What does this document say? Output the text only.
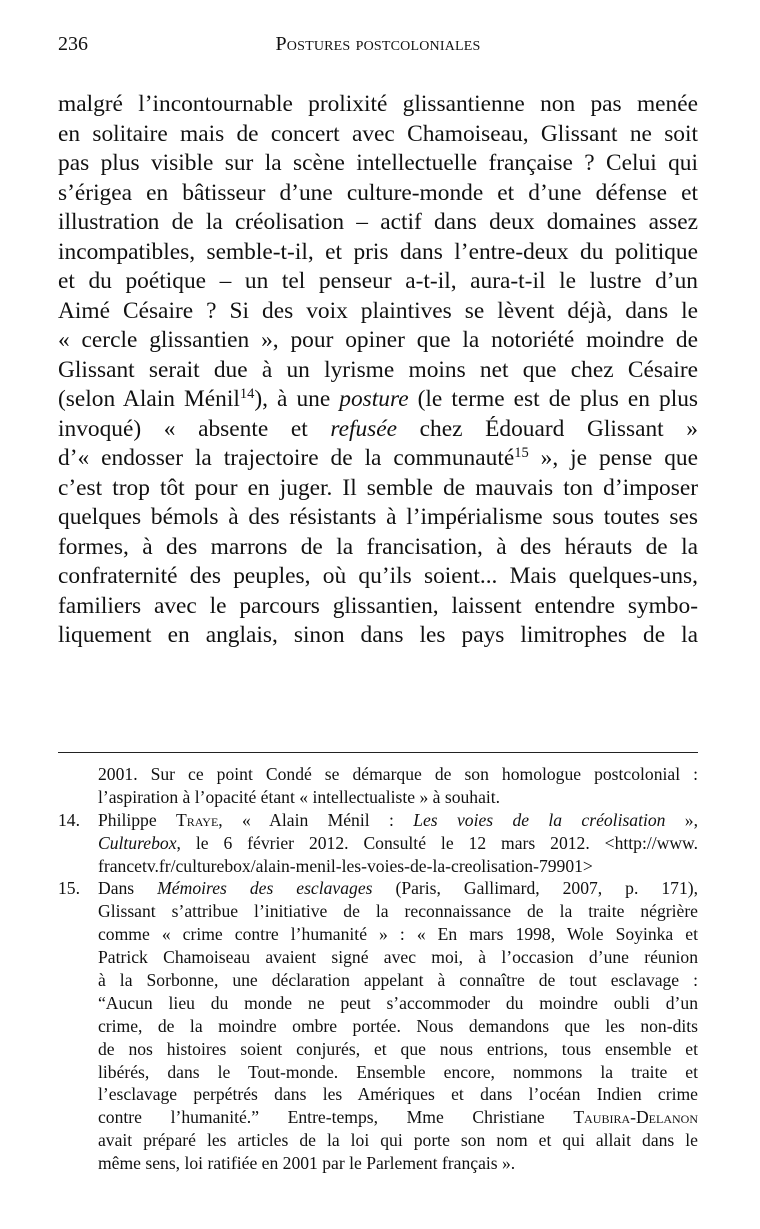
236	Postures postcoloniales
malgré l’incontournable prolixité glissantienne non pas menée
en solitaire mais de concert avec Chamoiseau, Glissant ne soit
pas plus visible sur la scène intellectuelle française ? Celui qui
s’érigea en bâtisseur d’une culture-monde et d’une défense et
illustration de la créolisation – actif dans deux domaines assez
incompatibles, semble-t-il, et pris dans l’entre-deux du politique
et du poétique – un tel penseur a-t-il, aura-t-il le lustre d’un
Aimé Césaire ? Si des voix plaintives se lèvent déjà, dans le
« cercle glissantien », pour opiner que la notoriété moindre de
Glissant serait due à un lyrisme moins net que chez Césaire
(selon Alain Ménil$^{14}$), à une posture (le terme est de plus en plus
invoqué) « absente et refusée chez Édouard Glissant »
d’« endosser la trajectoire de la communauté$^{15}$ », je pense que
c’est trop tôt pour en juger. Il semble de mauvais ton d’imposer
quelques bémols à des résistants à l’impérialisme sous toutes ses
formes, à des marrons de la francisation, à des hérauts de la
confraternité des peuples, où qu’ils soient... Mais quelques-uns,
familiers avec le parcours glissantien, laissent entendre symbo-
liquement en anglais, sinon dans les pays limitrophes de la
2001. Sur ce point Condé se démarque de son homologue postcolonial :
l’aspiration à l’opacité étant « intellectualiste » à souhait.
14. Philippe Traye, « Alain Ménil : Les voies de la créolisation »,
Culturebox, le 6 février 2012. Consulté le 12 mars 2012. <http://www.
francetv.fr/culturebox/alain-menil-les-voies-de-la-creolisation-79901>
15. Dans Mémoires des esclavages (Paris, Gallimard, 2007, p. 171),
Glissant s’attribue l’initiative de la reconnaissance de la traite négrière
comme « crime contre l’humanité » : « En mars 1998, Wole Soyinka et
Patrick Chamoiseau avaient signé avec moi, à l’occasion d’une réunion
à la Sorbonne, une déclaration appelant à connaître de tout esclavage :
“Aucun lieu du monde ne peut s’accommoder du moindre oubli d’un
crime, de la moindre ombre portée. Nous demandons que les non-dits
de nos histoires soient conjurés, et que nous entrions, tous ensemble et
libérés, dans le Tout-monde. Ensemble encore, nommons la traite et
l’esclavage perpétrés dans les Amériques et dans l’océan Indien crime
contre l’humanité.” Entre-temps, Mme Christiane Taubira-Delanon
avait préparé les articles de la loi qui porte son nom et qui allait dans le
même sens, loi ratifiée en 2001 par le Parlement français ».
